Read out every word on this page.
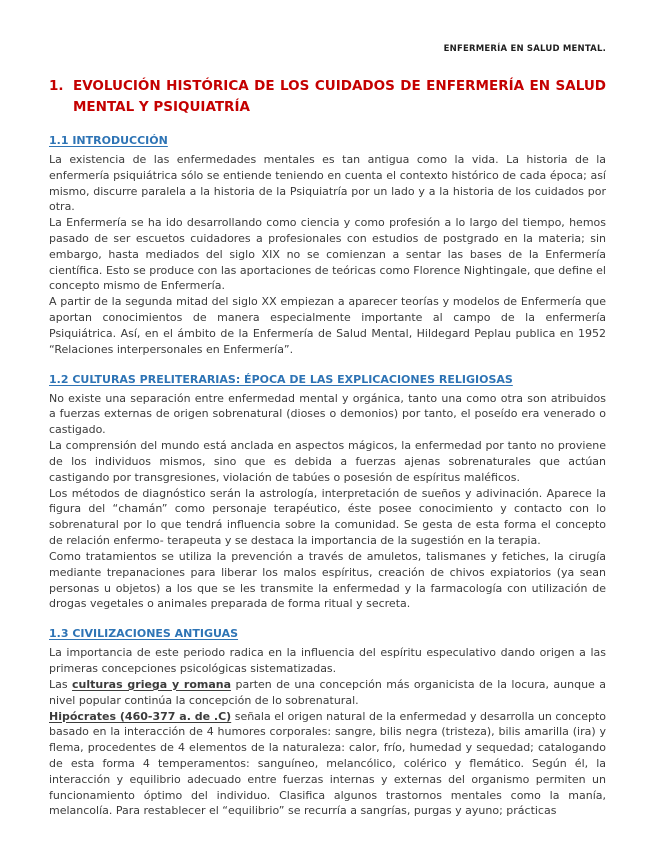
ENFERMERÍA EN SALUD MENTAL.
1. EVOLUCIÓN HISTÓRICA DE LOS CUIDADOS DE ENFERMERÍA EN SALUD MENTAL Y PSIQUIATRÍA
1.1 INTRODUCCIÓN

La existencia de las enfermedades mentales es tan antigua como la vida. La historia de la enfermería psiquiátrica sólo se entiende teniendo en cuenta el contexto histórico de cada época; así mismo, discurre paralela a la historia de la Psiquiatría por un lado y a la historia de los cuidados por otra.

La Enfermería se ha ido desarrollando como ciencia y como profesión a lo largo del tiempo, hemos pasado de ser escuetos cuidadores a profesionales con estudios de postgrado en la materia; sin embargo, hasta mediados del siglo XIX no se comienzan a sentar las bases de la Enfermería científica. Esto se produce con las aportaciones de teóricas como Florence Nightingale, que define el concepto mismo de Enfermería.

A partir de la segunda mitad del siglo XX empiezan a aparecer teorías y modelos de Enfermería que aportan conocimientos de manera especialmente importante al campo de la enfermería Psiquiátrica. Así, en el ámbito de la Enfermería de Salud Mental, Hildegard Peplau publica en 1952 “Relaciones interpersonales en Enfermería”.

1.2 CULTURAS PRELITERARIAS: ÉPOCA DE LAS EXPLICACIONES RELIGIOSAS

No existe una separación entre enfermedad mental y orgánica, tanto una como otra son atribuidos a fuerzas externas de origen sobrenatural (dioses o demonios) por tanto, el poseído era venerado o castigado.

La comprensión del mundo está anclada en aspectos mágicos, la enfermedad por tanto no proviene de los individuos mismos, sino que es debida a fuerzas ajenas sobrenaturales que actúan castigando por transgresiones, violación de tabúes o posesión de espíritus maléficos.

Los métodos de diagnóstico serán la astrología, interpretación de sueños y adivinación. Aparece la figura del “chamán” como personaje terapéutico, éste posee conocimiento y contacto con lo sobrenatural por lo que tendrá influencia sobre la comunidad. Se gesta de esta forma el concepto de relación enfermo- terapeuta y se destaca la importancia de la sugestión en la terapia.

Como tratamientos se utiliza la prevención a través de amuletos, talismanes y fetiches, la cirugía mediante trepanaciones para liberar los malos espíritus, creación de chivos expiatorios (ya sean personas u objetos) a los que se les transmite la enfermedad y la farmacología con utilización de drogas vegetales o animales preparada de forma ritual y secreta.

1.3 CIVILIZACIONES ANTIGUAS

La importancia de este periodo radica en la influencia del espíritu especulativo dando origen a las primeras concepciones psicológicas sistematizadas.

Las culturas griega y romana parten de una concepción más organicista de la locura, aunque a nivel popular continúa la concepción de lo sobrenatural.

Hipócrates (460-377 a. de .C) señala el origen natural de la enfermedad y desarrolla un concepto basado en la interacción de 4 humores corporales: sangre, bilis negra (tristeza), bilis amarilla (ira) y flema, procedentes de 4 elementos de la naturaleza: calor, frío, humedad y sequedad; catalogando de esta forma 4 temperamentos: sanguíneo, melancólico, colérico y flemático. Según él, la interacción y equilibrio adecuado entre fuerzas internas y externas del organismo permiten un funcionamiento óptimo del individuo. Clasifica algunos trastornos mentales como la manía, melancolía. Para restablecer el “equilibrio” se recurría a sangrías, purgas y ayuno; prácticas
